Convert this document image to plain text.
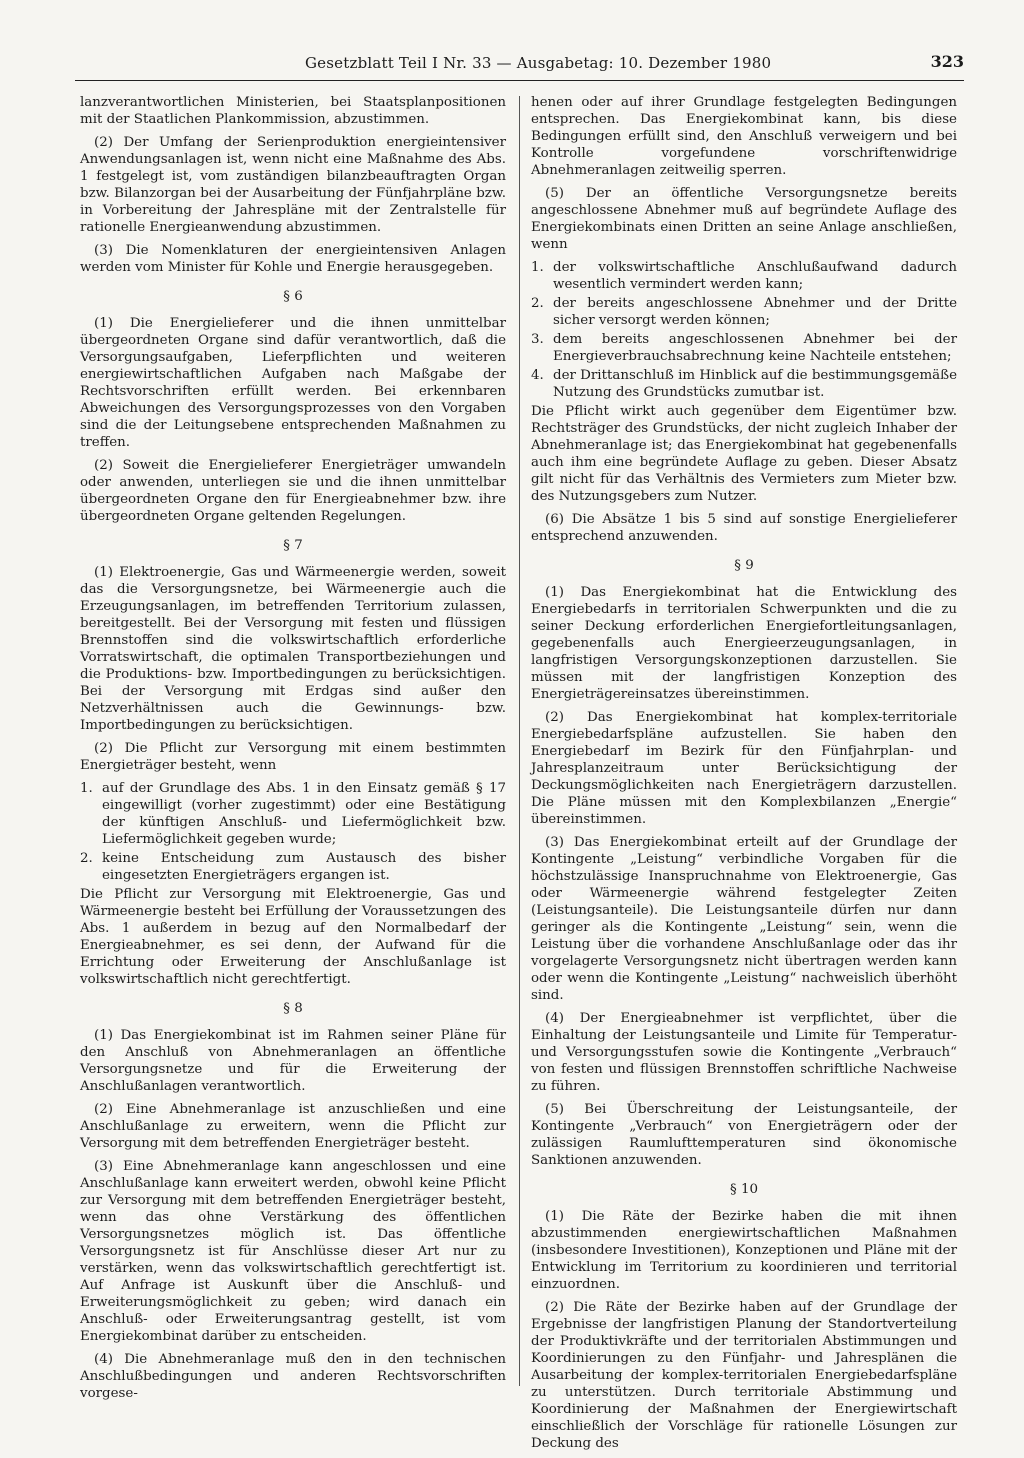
Gesetzblatt Teil I Nr. 33 — Ausgabetag: 10. Dezember 1980	323

lanzverantwortlichen Ministerien, bei Staatsplanpositionen mit der Staatlichen Plankommission, abzustimmen.

(2) Der Umfang der Serienproduktion energieintensiver Anwendungsanlagen ist, wenn nicht eine Maßnahme des Abs. 1 festgelegt ist, vom zuständigen bilanzbeauftragten Organ bzw. Bilanzorgan bei der Ausarbeitung der Fünfjahrpläne bzw. in Vorbereitung der Jahrespläne mit der Zentralstelle für rationelle Energieanwendung abzustimmen.

(3) Die Nomenklaturen der energieintensiven Anlagen werden vom Minister für Kohle und Energie herausgegeben.

§ 6

(1) Die Energielieferer und die ihnen unmittelbar übergeordneten Organe sind dafür verantwortlich, daß die Versorgungsaufgaben, Lieferpflichten und weiteren energiewirtschaftlichen Aufgaben nach Maßgabe der Rechtsvorschriften erfüllt werden. Bei erkennbaren Abweichungen des Versorgungsprozesses von den Vorgaben sind die der Leitungsebene entsprechenden Maßnahmen zu treffen.

(2) Soweit die Energielieferer Energieträger umwandeln oder anwenden, unterliegen sie und die ihnen unmittelbar übergeordneten Organe den für Energieabnehmer bzw. ihre übergeordneten Organe geltenden Regelungen.

§ 7

(1) Elektroenergie, Gas und Wärmeenergie werden, soweit das die Versorgungsnetze, bei Wärmeenergie auch die Erzeugungsanlagen, im betreffenden Territorium zulassen, bereitgestellt. Bei der Versorgung mit festen und flüssigen Brennstoffen sind die volkswirtschaftlich erforderliche Vorratswirtschaft, die optimalen Transportbeziehungen und die Produktions- bzw. Importbedingungen zu berücksichtigen. Bei der Versorgung mit Erdgas sind außer den Netzverhältnissen auch die Gewinnungs- bzw. Importbedingungen zu berücksichtigen.

(2) Die Pflicht zur Versorgung mit einem bestimmten Energieträger besteht, wenn

1. auf der Grundlage des Abs. 1 in den Einsatz gemäß § 17 eingewilligt (vorher zugestimmt) oder eine Bestätigung der künftigen Anschluß- und Liefermöglichkeit bzw. Liefermöglichkeit gegeben wurde;
2. keine Entscheidung zum Austausch des bisher eingesetzten Energieträgers ergangen ist.

Die Pflicht zur Versorgung mit Elektroenergie, Gas und Wärmeenergie besteht bei Erfüllung der Voraussetzungen des Abs. 1 außerdem in bezug auf den Normalbedarf der Energieabnehmer, es sei denn, der Aufwand für die Errichtung oder Erweiterung der Anschlußanlage ist volkswirtschaftlich nicht gerechtfertigt.

§ 8

(1) Das Energiekombinat ist im Rahmen seiner Pläne für den Anschluß von Abnehmeranlagen an öffentliche Versorgungsnetze und für die Erweiterung der Anschlußanlagen verantwortlich.

(2) Eine Abnehmeranlage ist anzuschließen und eine Anschlußanlage zu erweitern, wenn die Pflicht zur Versorgung mit dem betreffenden Energieträger besteht.

(3) Eine Abnehmeranlage kann angeschlossen und eine Anschlußanlage kann erweitert werden, obwohl keine Pflicht zur Versorgung mit dem betreffenden Energieträger besteht, wenn das ohne Verstärkung des öffentlichen Versorgungsnetzes möglich ist. Das öffentliche Versorgungsnetz ist für Anschlüsse dieser Art nur zu verstärken, wenn das volkswirtschaftlich gerechtfertigt ist. Auf Anfrage ist Auskunft über die Anschluß- und Erweiterungsmöglichkeit zu geben; wird danach ein Anschluß- oder Erweiterungsantrag gestellt, ist vom Energiekombinat darüber zu entscheiden.

(4) Die Abnehmeranlage muß den in den technischen Anschlußbedingungen und anderen Rechtsvorschriften vorgese-

henen oder auf ihrer Grundlage festgelegten Bedingungen entsprechen. Das Energiekombinat kann, bis diese Bedingungen erfüllt sind, den Anschluß verweigern und bei Kontrolle vorgefundene vorschriftenwidrige Abnehmeranlagen zeitweilig sperren.

(5) Der an öffentliche Versorgungsnetze bereits angeschlossene Abnehmer muß auf begründete Auflage des Energiekombinats einen Dritten an seine Anlage anschließen, wenn

1. der volkswirtschaftliche Anschlußaufwand dadurch wesentlich vermindert werden kann;
2. der bereits angeschlossene Abnehmer und der Dritte sicher versorgt werden können;
3. dem bereits angeschlossenen Abnehmer bei der Energieverbrauchsabrechnung keine Nachteile entstehen;
4. der Drittanschluß im Hinblick auf die bestimmungsgemäße Nutzung des Grundstücks zumutbar ist.

Die Pflicht wirkt auch gegenüber dem Eigentümer bzw. Rechtsträger des Grundstücks, der nicht zugleich Inhaber der Abnehmeranlage ist; das Energiekombinat hat gegebenenfalls auch ihm eine begründete Auflage zu geben. Dieser Absatz gilt nicht für das Verhältnis des Vermieters zum Mieter bzw. des Nutzungsgebers zum Nutzer.

(6) Die Absätze 1 bis 5 sind auf sonstige Energielieferer entsprechend anzuwenden.

§ 9

(1) Das Energiekombinat hat die Entwicklung des Energiebedarfs in territorialen Schwerpunkten und die zu seiner Deckung erforderlichen Energiefortleitungsanlagen, gegebenenfalls auch Energieerzeugungsanlagen, in langfristigen Versorgungskonzeptionen darzustellen. Sie müssen mit der langfristigen Konzeption des Energieträgereinsatzes übereinstimmen.

(2) Das Energiekombinat hat komplex-territoriale Energiebedarfspläne aufzustellen. Sie haben den Energiebedarf im Bezirk für den Fünfjahrplan- und Jahresplanzeitraum unter Berücksichtigung der Deckungsmöglichkeiten nach Energieträgern darzustellen. Die Pläne müssen mit den Komplexbilanzen „Energie“ übereinstimmen.

(3) Das Energiekombinat erteilt auf der Grundlage der Kontingente „Leistung“ verbindliche Vorgaben für die höchstzulässige Inanspruchnahme von Elektroenergie, Gas oder Wärmeenergie während festgelegter Zeiten (Leistungsanteile). Die Leistungsanteile dürfen nur dann geringer als die Kontingente „Leistung“ sein, wenn die Leistung über die vorhandene Anschlußanlage oder das ihr vorgelagerte Versorgungsnetz nicht übertragen werden kann oder wenn die Kontingente „Leistung“ nachweislich überhöht sind.

(4) Der Energieabnehmer ist verpflichtet, über die Einhaltung der Leistungsanteile und Limite für Temperatur- und Versorgungsstufen sowie die Kontingente „Verbrauch“ von festen und flüssigen Brennstoffen schriftliche Nachweise zu führen.

(5) Bei Überschreitung der Leistungsanteile, der Kontingente „Verbrauch“ von Energieträgern oder der zulässigen Raumlufttemperaturen sind ökonomische Sanktionen anzuwenden.

§ 10

(1) Die Räte der Bezirke haben die mit ihnen abzustimmenden energiewirtschaftlichen Maßnahmen (insbesondere Investitionen), Konzeptionen und Pläne mit der Entwicklung im Territorium zu koordinieren und territorial einzuordnen.

(2) Die Räte der Bezirke haben auf der Grundlage der Ergebnisse der langfristigen Planung der Standortverteilung der Produktivkräfte und der territorialen Abstimmungen und Koordinierungen zu den Fünfjahr- und Jahresplänen die Ausarbeitung der komplex-territorialen Energiebedarfspläne zu unterstützen. Durch territoriale Abstimmung und Koordinierung der Maßnahmen der Energiewirtschaft einschließlich der Vorschläge für rationelle Lösungen zur Deckung des
